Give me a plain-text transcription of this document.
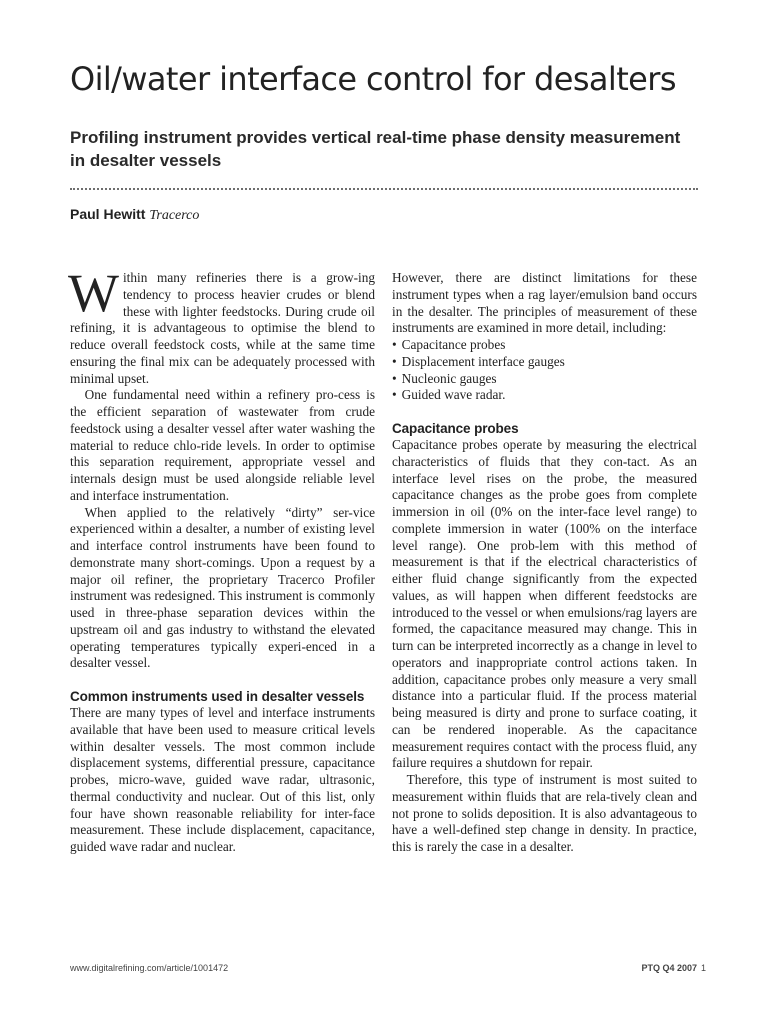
Oil/water interface control for desalters
Profiling instrument provides vertical real-time phase density measurement in desalter vessels
Paul Hewitt Tracerco

Within many refineries there is a grow-ing tendency to process heavier crudes or blend these with lighter feedstocks. During crude oil refining, it is advantageous to optimise the blend to reduce overall feedstock costs, while at the same time ensuring the final mix can be adequately processed with minimal upset.

One fundamental need within a refinery pro-cess is the efficient separation of wastewater from crude feedstock using a desalter vessel after water washing the material to reduce chlo-ride levels. In order to optimise this separation requirement, appropriate vessel and internals design must be used alongside reliable level and interface instrumentation.

When applied to the relatively “dirty” ser-vice experienced within a desalter, a number of existing level and interface control instruments have been found to demonstrate many short-comings. Upon a request by a major oil refiner, the proprietary Tracerco Profiler instrument was redesigned. This instrument is commonly used in three-phase separation devices within the upstream oil and gas industry to withstand the elevated operating temperatures typically experi-enced in a desalter vessel.

Common instruments used in desalter vessels

There are many types of level and interface instruments available that have been used to measure critical levels within desalter vessels. The most common include displacement systems, differential pressure, capacitance probes, micro-wave, guided wave radar, ultrasonic, thermal conductivity and nuclear. Out of this list, only four have shown reasonable reliability for inter-face measurement. These include displacement, capacitance, guided wave radar and nuclear.

However, there are distinct limitations for these instrument types when a rag layer/emulsion band occurs in the desalter. The principles of measurement of these instruments are examined in more detail, including:

• Capacitance probes
• Displacement interface gauges
• Nucleonic gauges
• Guided wave radar.
Capacitance probes

Capacitance probes operate by measuring the electrical characteristics of fluids that they con-tact. As an interface level rises on the probe, the measured capacitance changes as the probe goes from complete immersion in oil (0% on the inter-face level range) to complete immersion in water (100% on the interface level range). One prob-lem with this method of measurement is that if the electrical characteristics of either fluid change significantly from the expected values, as will happen when different feedstocks are introduced to the vessel or when emulsions/rag layers are formed, the capacitance measured may change. This in turn can be interpreted incorrectly as a change in level to operators and inappropriate control actions taken. In addition, capacitance probes only measure a very small distance into a particular fluid. If the process material being measured is dirty and prone to surface coating, it can be rendered inoperable. As the capacitance measurement requires contact with the process fluid, any failure requires a shutdown for repair.

Therefore, this type of instrument is most suited to measurement within fluids that are rela-tively clean and not prone to solids deposition. It is also advantageous to have a well-defined step change in density. In practice, this is rarely the case in a desalter.

www.digitalrefining.com/article/1001472	PTQ Q4 2007 1
